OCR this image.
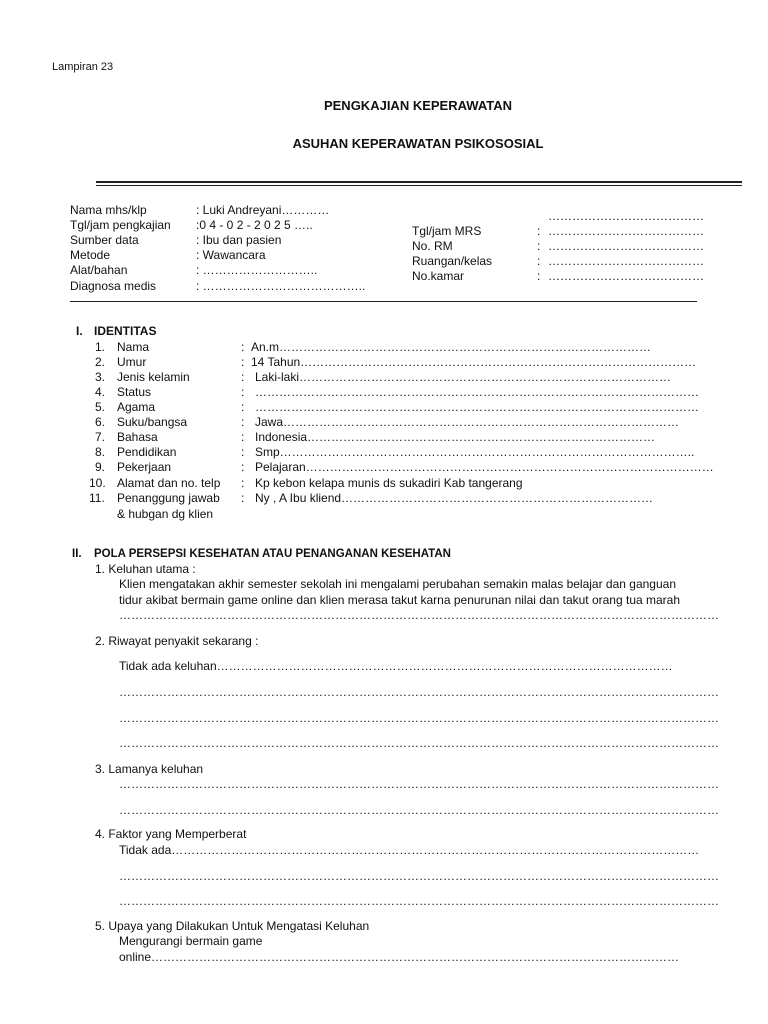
Lampiran 23
PENGKAJIAN KEPERAWATAN
ASUHAN KEPERAWATAN PSIKOSOSIAL
Nama mhs/klp	: Luki Andreyani…………
Tgl/jam pengkajian :0 4 - 0 2 - 2 0 2 5 …..
Sumber data	: Ibu dan pasien
Metode	: Wawancara
Alat/bahan	: ………………………..
Diagnosa medis	: …………………………………..
…………………………………
Tgl/jam MRS	: …………………………………
No. RM	: …………………………………
Ruangan/kelas	: …………………………………
No.kamar	: …………………………………
I. IDENTITAS
1. Nama	: An.m…………………………………………………………………………………
2. Umur	: 14 Tahun………………………………………………………………………………………
3. Jenis kelamin	: Laki-laki…………………………………………………………………………………
4. Status	: …………………………………………………………………………………………………
5. Agama	: …………………………………………………………………………………………………
6. Suku/bangsa	: Jawa………………………………………………………………………………………
7. Bahasa	: Indonesia……………………………………………………………………………
8. Pendidikan	: Smp…………………………………………………………………………………………..
9. Pekerjaan	: Pelajaran…………………………………………………………………………………………
10. Alamat dan no. telp : Kp kebon kelapa munis ds sukadiri Kab tangerang
11. Penanggung jawab : Ny , A Ibu kliend……………………………………………………………………
& hubgan dg klien
II. POLA PERSEPSI KESEHATAN ATAU PENANGANAN KESEHATAN
1. Keluhan utama :
Klien mengatakan akhir semester sekolah ini mengalami perubahan semakin malas belajar dan ganguan
tidur akibat bermain game online dan klien merasa takut karna penurunan nilai dan takut orang tua marah
……………………………………………………………………………………………………………………………………
2. Riwayat penyakit sekarang :
Tidak ada keluhan……………………………………………………………………………………………………
……………………………………………………………………………………………………………………………………
……………………………………………………………………………………………………………………………………
……………………………………………………………………………………………………………………………………
3. Lamanya keluhan
……………………………………………………………………………………………………………………………………
……………………………………………………………………………………………………………………………………
4. Faktor yang Memperberat
Tidak ada……………………………………………………………………………………………………………………
……………………………………………………………………………………………………………………………………
……………………………………………………………………………………………………………………………………
5. Upaya yang Dilakukan Untuk Mengatasi Keluhan
Mengurangi bermain game
online……………………………………………………………………………………………………………………
